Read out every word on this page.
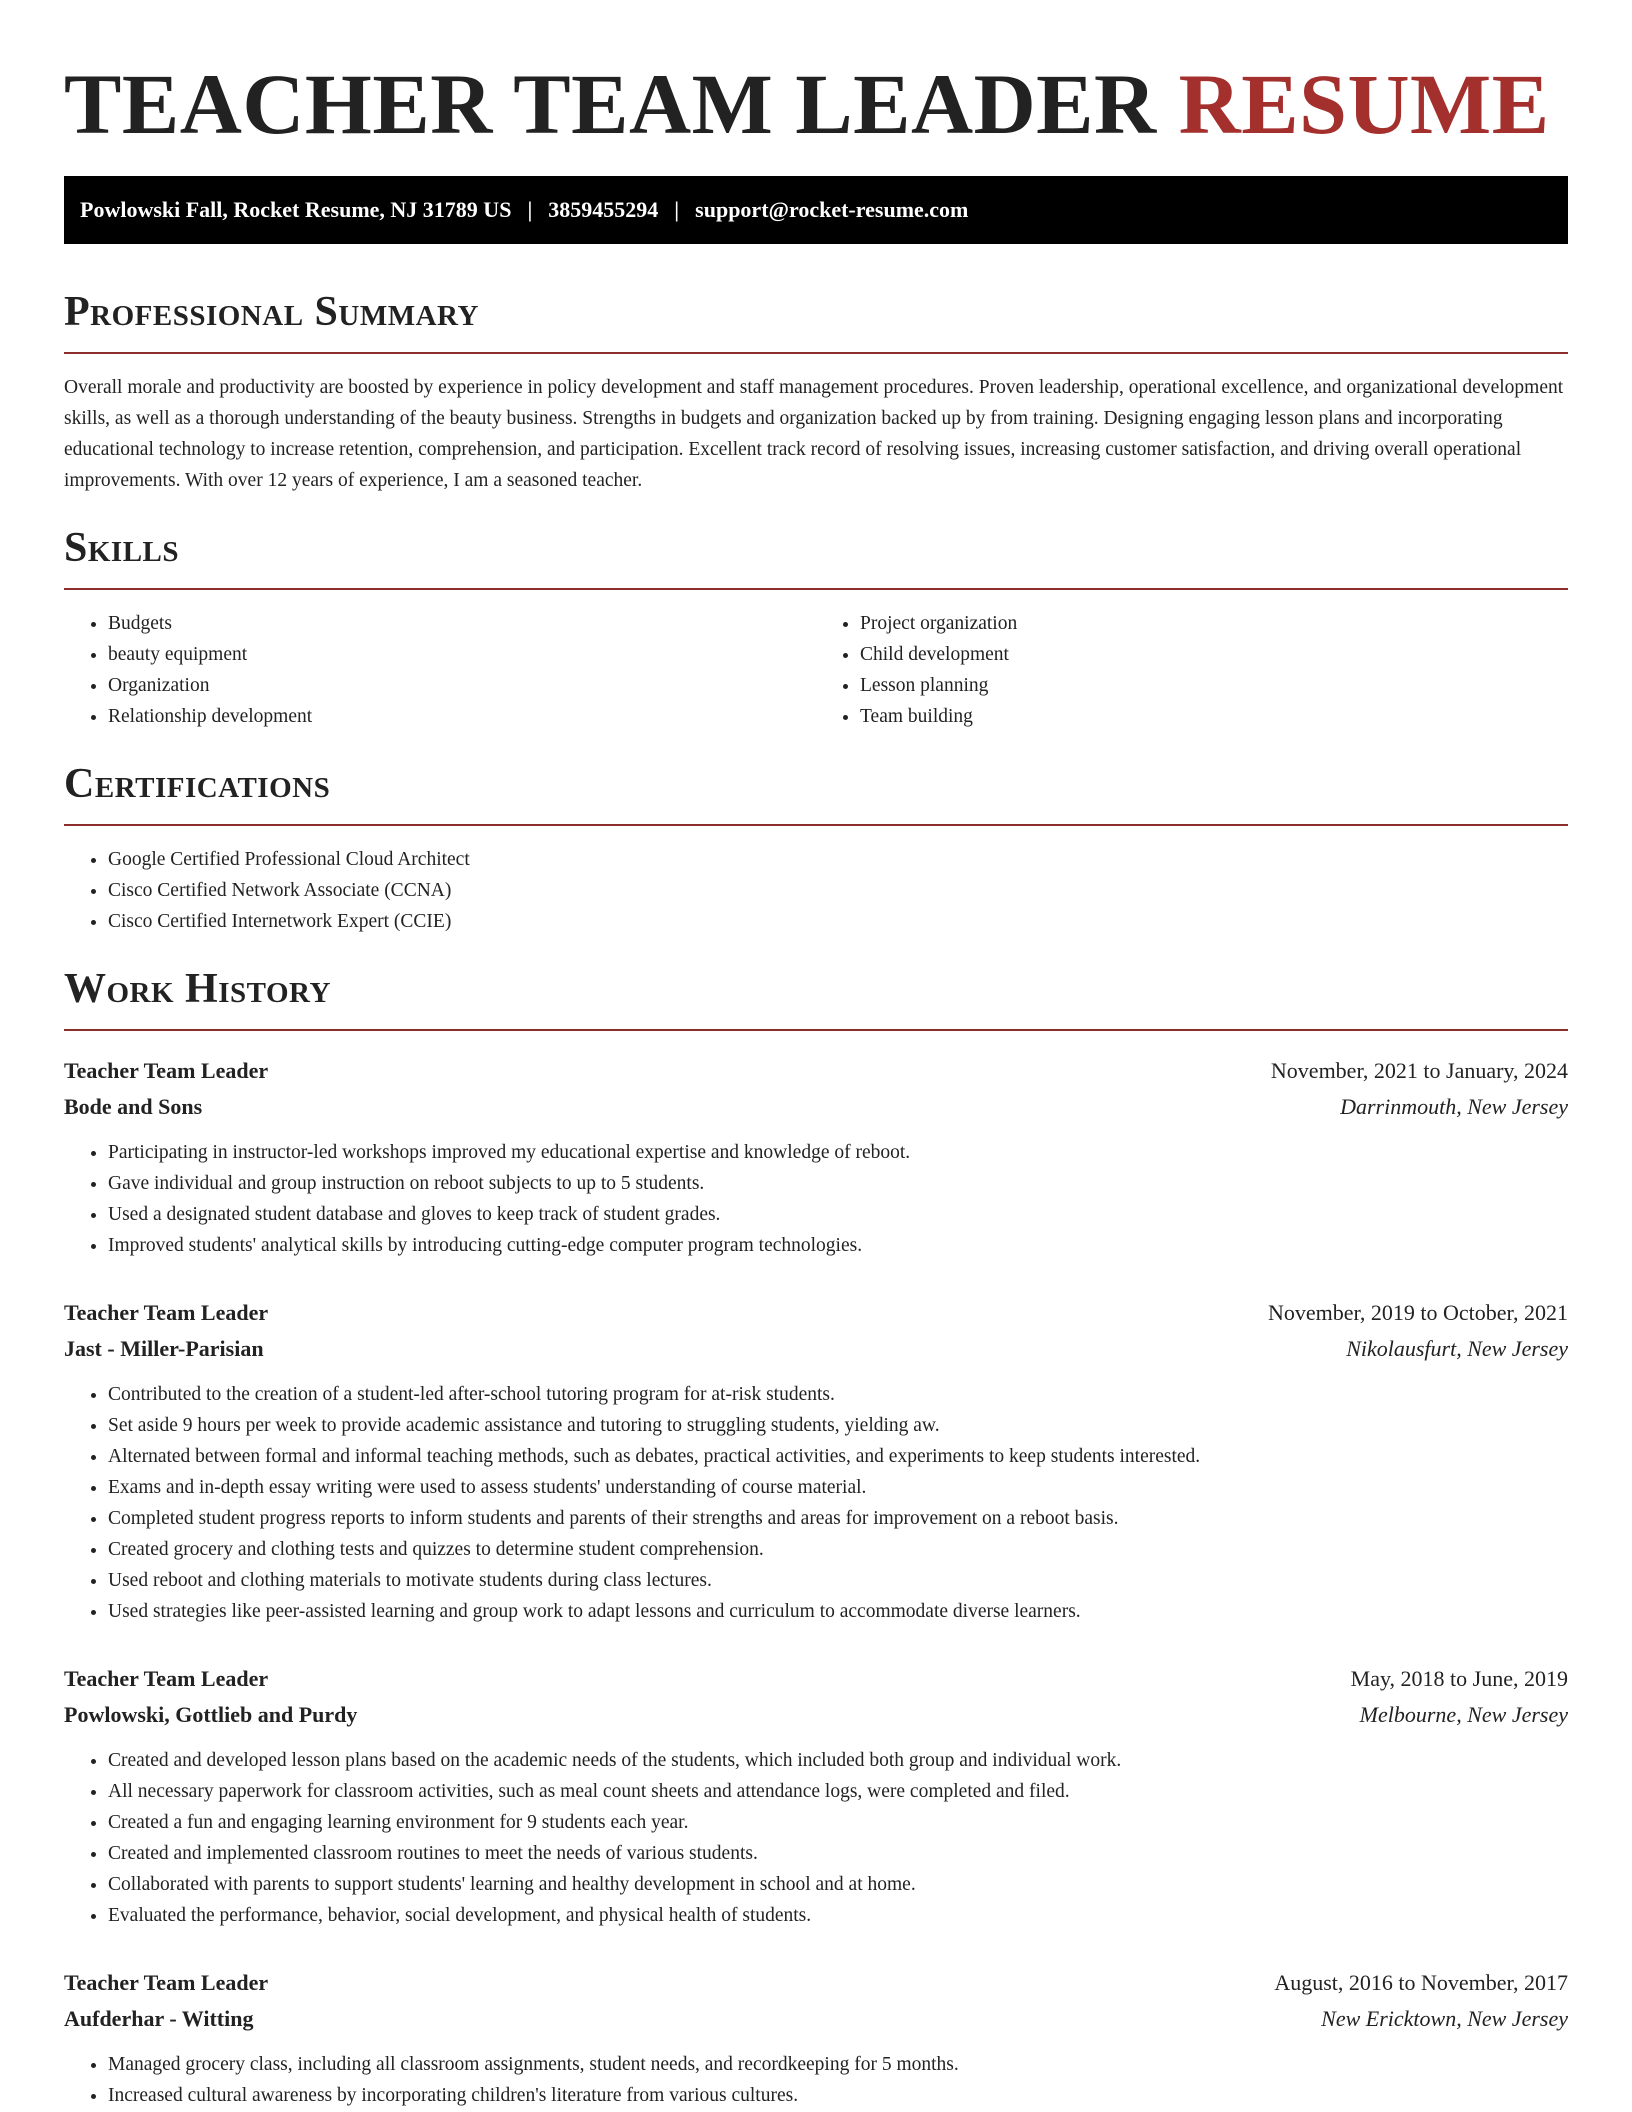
TEACHER TEAM LEADER RESUME
Powlowski Fall, Rocket Resume, NJ 31789 US | 3859455294 | support@rocket-resume.com
Professional Summary

Overall morale and productivity are boosted by experience in policy development and staff management procedures. Proven leadership, operational excellence, and organizational development skills, as well as a thorough understanding of the beauty business. Strengths in budgets and organization backed up by from training. Designing engaging lesson plans and incorporating educational technology to increase retention, comprehension, and participation. Excellent track record of resolving issues, increasing customer satisfaction, and driving overall operational improvements. With over 12 years of experience, I am a seasoned teacher.

Skills
• Budgets
• beauty equipment
• Organization
• Relationship development
• Project organization
• Child development
• Lesson planning
• Team building
Certifications
• Google Certified Professional Cloud Architect
• Cisco Certified Network Associate (CCNA)
• Cisco Certified Internetwork Expert (CCIE)
Work History
Teacher Team Leader	November, 2021 to January, 2024
Bode and Sons	Darrinmouth, New Jersey
• Participating in instructor-led workshops improved my educational expertise and knowledge of reboot.
• Gave individual and group instruction on reboot subjects to up to 5 students.
• Used a designated student database and gloves to keep track of student grades.
• Improved students' analytical skills by introducing cutting-edge computer program technologies.
Teacher Team Leader	November, 2019 to October, 2021
Jast - Miller-Parisian	Nikolausfurt, New Jersey
• Contributed to the creation of a student-led after-school tutoring program for at-risk students.
• Set aside 9 hours per week to provide academic assistance and tutoring to struggling students, yielding aw.
• Alternated between formal and informal teaching methods, such as debates, practical activities, and experiments to keep students interested.
• Exams and in-depth essay writing were used to assess students' understanding of course material.
• Completed student progress reports to inform students and parents of their strengths and areas for improvement on a reboot basis.
• Created grocery and clothing tests and quizzes to determine student comprehension.
• Used reboot and clothing materials to motivate students during class lectures.
• Used strategies like peer-assisted learning and group work to adapt lessons and curriculum to accommodate diverse learners.
Teacher Team Leader	May, 2018 to June, 2019
Powlowski, Gottlieb and Purdy	Melbourne, New Jersey
• Created and developed lesson plans based on the academic needs of the students, which included both group and individual work.
• All necessary paperwork for classroom activities, such as meal count sheets and attendance logs, were completed and filed.
• Created a fun and engaging learning environment for 9 students each year.
• Created and implemented classroom routines to meet the needs of various students.
• Collaborated with parents to support students' learning and healthy development in school and at home.
• Evaluated the performance, behavior, social development, and physical health of students.
Teacher Team Leader	August, 2016 to November, 2017
Aufderhar - Witting	New Ericktown, New Jersey
• Managed grocery class, including all classroom assignments, student needs, and recordkeeping for 5 months.
• Increased cultural awareness by incorporating children's literature from various cultures.
